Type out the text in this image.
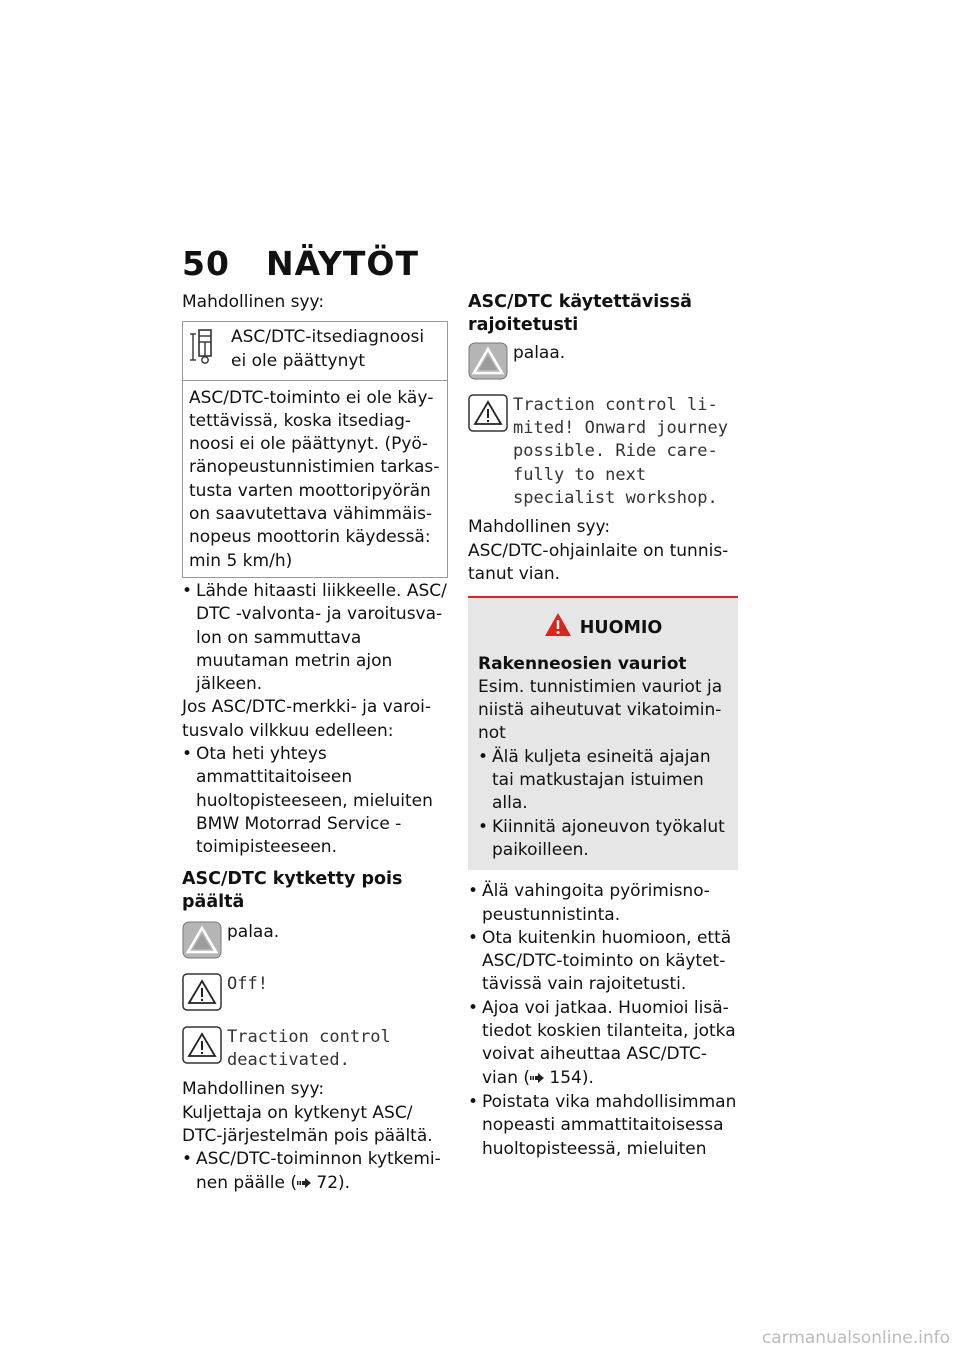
50 NÄYTÖT

Mahdollinen syy:

ASC/DTC-itsediagnoosi ei ole päättynyt
ASC/DTC-toiminto ei ole käytettävissä, koska itsediagnoosi ei ole päättynyt. (Pyöränopeustunnistimien tarkastusta varten moottoripyörän on saavutettava vähimmäisnopeus moottorin käydessä: min 5 km/h)

• Lähde hitaasti liikkeelle. ASC/ DTC -valvonta- ja varoitusvalon on sammuttava muutaman metrin ajon jälkeen.

Jos ASC/DTC-merkki- ja varoitusvalo vilkkuu edelleen:

• Ota heti yhteys ammattitaitoiseen huoltopisteeseen, mieluiten BMW Motorrad Service -toimipisteeseen.

ASC/DTC kytketty pois päältä

palaa.
Off!
Traction control deactivated.

Mahdollinen syy:

Kuljettaja on kytkenyt ASC/ DTC-järjestelmän pois päältä.

• ASC/DTC-toiminnon kytkeminen päälle ( 72).

ASC/DTC käytettävissä rajoitetusti

palaa.
Traction control limited! Onward journey possible. Ride carefully to next specialist workshop.

Mahdollinen syy:

ASC/DTC-ohjainlaite on tunnistanut vian.

HUOMIO

Rakenneosien vauriot

Esim. tunnistimien vauriot ja niistä aiheutuvat vikatoiminnot

• Älä kuljeta esineitä ajajan tai matkustajan istuimen alla.

• Kiinnitä ajoneuvon työkalut paikoilleen.

• Älä vahingoita pyörimisnopeustunnistinta.

• Ota kuitenkin huomioon, että ASC/DTC-toiminto on käytettävissä vain rajoitetusti.

• Ajoa voi jatkaa. Huomioi lisätiedot koskien tilanteita, jotka voivat aiheuttaa ASC/DTC-vian ( 154).

• Poistata vika mahdollisimman nopeasti ammattitaitoisessa huoltopisteessä, mieluiten

carmanualsonline.info
